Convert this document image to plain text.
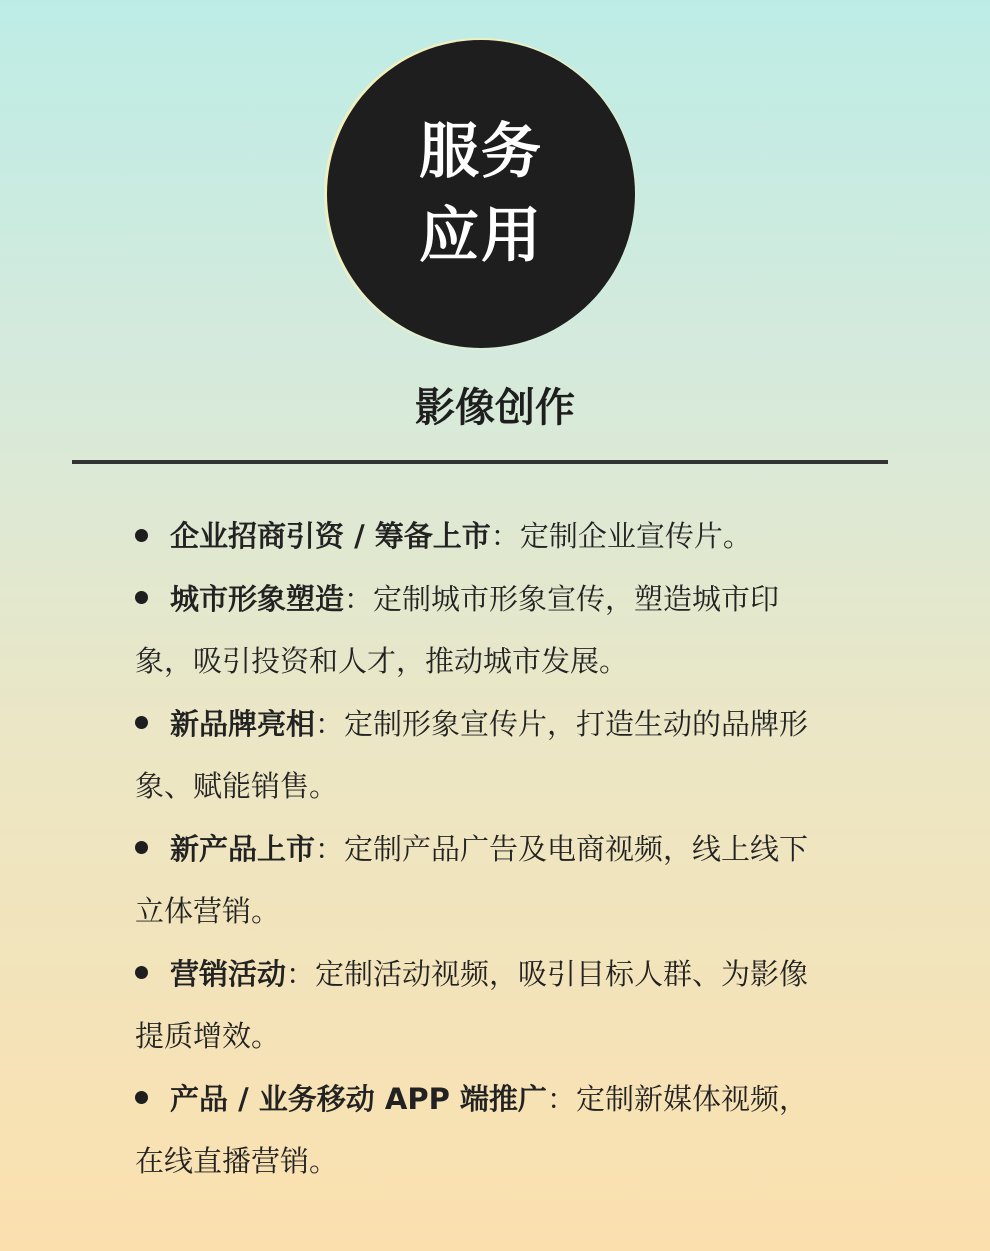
服务
应用
影像创作
企业招商引资 / 筹备上市：定制企业宣传片。
城市形象塑造：定制城市形象宣传，塑造城市印象，吸引投资和人才，推动城市发展。
新品牌亮相：定制形象宣传片，打造生动的品牌形象、赋能销售。
新产品上市：定制产品广告及电商视频，线上线下立体营销。
营销活动：定制活动视频，吸引目标人群、为影像提质增效。
产品 / 业务移动 APP 端推广：定制新媒体视频，在线直播营销。
